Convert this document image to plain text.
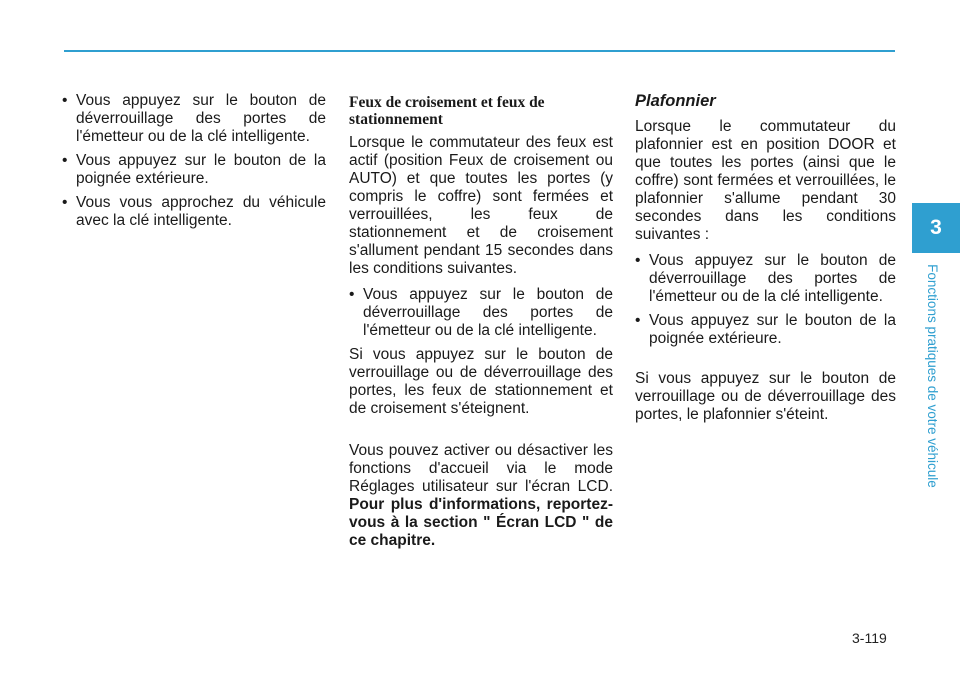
• Vous appuyez sur le bouton de déverrouillage des portes de l'émetteur ou de la clé intelligente.
• Vous appuyez sur le bouton de la poignée extérieure.
• Vous vous approchez du véhicule avec la clé intelligente.
Feux de croisement et feux de stationnement

Lorsque le commutateur des feux est actif (position Feux de croisement ou AUTO) et que toutes les portes (y compris le coffre) sont fermées et verrouillées, les feux de stationnement et de croisement s'allument pendant 15 secondes dans les conditions suivantes.

• Vous appuyez sur le bouton de déverrouillage des portes de l'émetteur ou de la clé intelligente.

Si vous appuyez sur le bouton de verrouillage ou de déverrouillage des portes, les feux de stationnement et de croisement s'éteignent.

Vous pouvez activer ou désactiver les fonctions d'accueil via le mode Réglages utilisateur sur l'écran LCD. Pour plus d'informations, reportez-vous à la section " Écran LCD " de ce chapitre.

Plafonnier

Lorsque le commutateur du plafonnier est en position DOOR et que toutes les portes (ainsi que le coffre) sont fermées et verrouillées, le plafonnier s'allume pendant 30 secondes dans les conditions suivantes :

• Vous appuyez sur le bouton de déverrouillage des portes de l'émetteur ou de la clé intelligente.
• Vous appuyez sur le bouton de la poignée extérieure.

Si vous appuyez sur le bouton de verrouillage ou de déverrouillage des portes, le plafonnier s'éteint.

3
Fonctions pratiques de votre véhicule
3-119
